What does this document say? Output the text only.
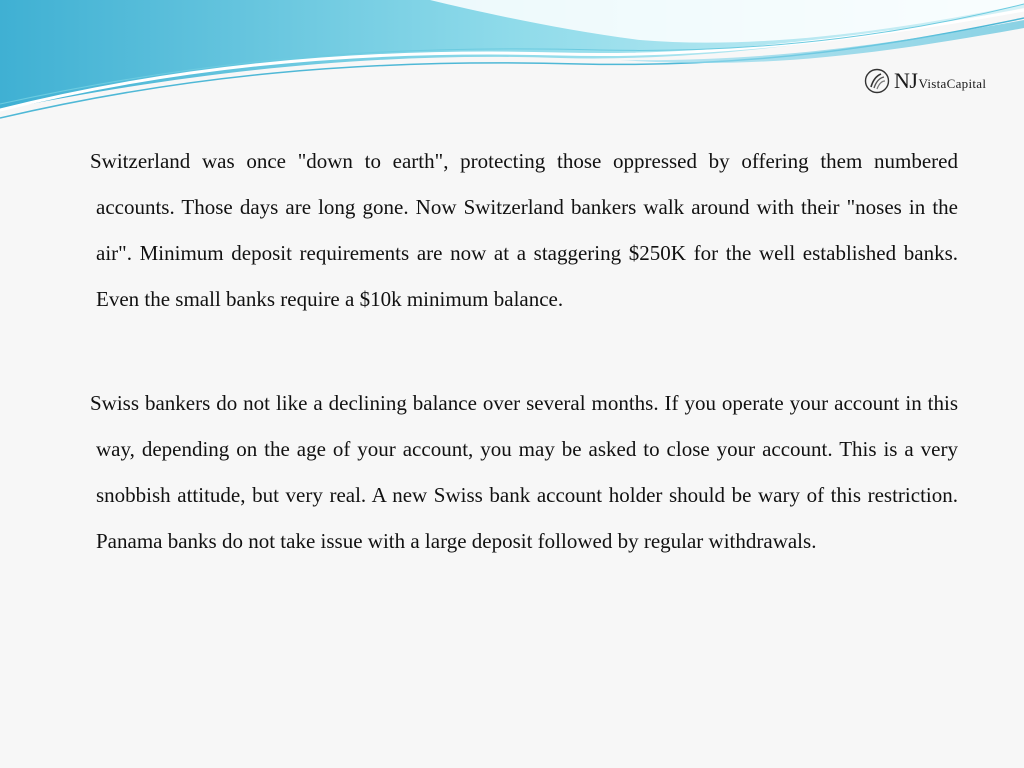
NJ VistaCapital

Switzerland was once "down to earth", protecting those oppressed by offering them numbered accounts. Those days are long gone. Now Switzerland bankers walk around with their "noses in the air". Minimum deposit requirements are now at a staggering $250K for the well established banks. Even the small banks require a $10k minimum balance.

Swiss bankers do not like a declining balance over several months. If you operate your account in this way, depending on the age of your account, you may be asked to close your account. This is a very snobbish attitude, but very real. A new Swiss bank account holder should be wary of this restriction. Panama banks do not take issue with a large deposit followed by regular withdrawals.
